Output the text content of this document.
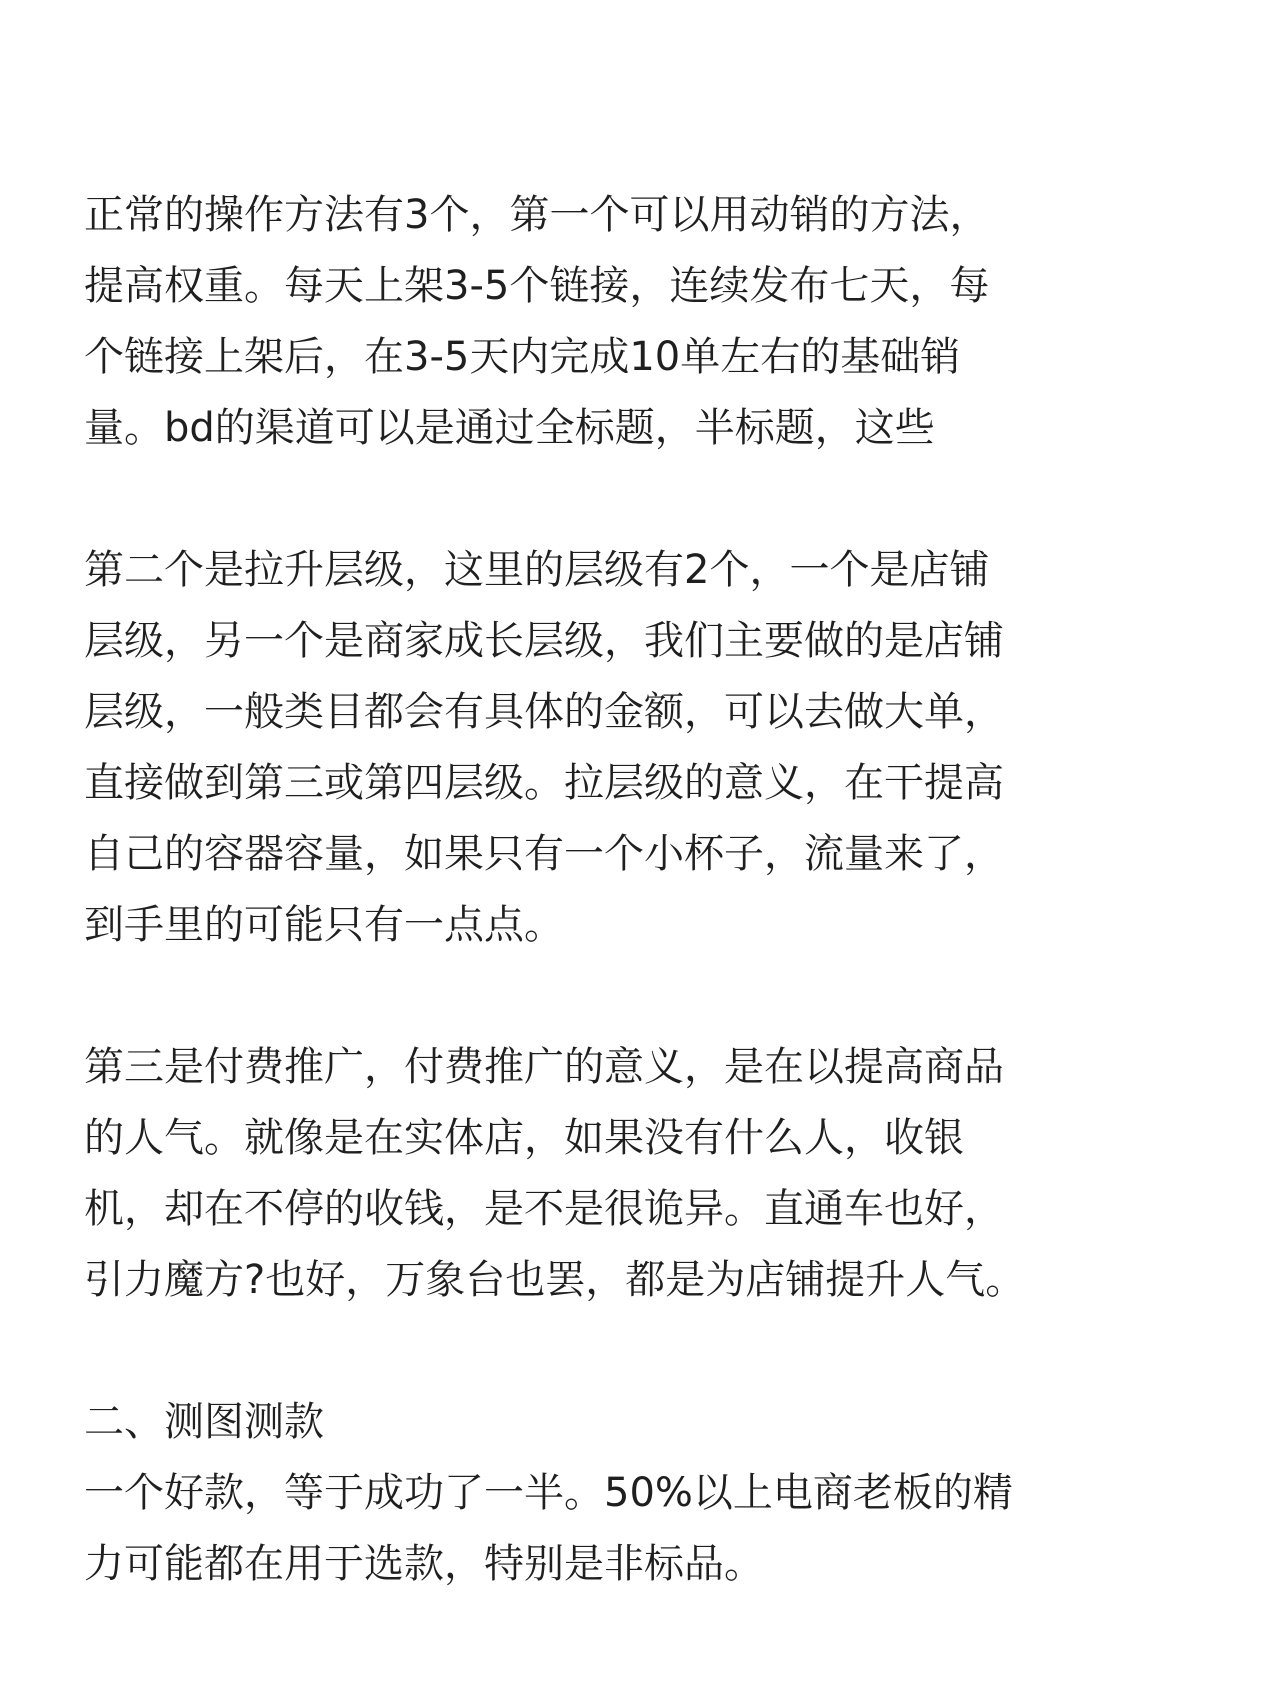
正常的操作方法有3个，第一个可以用动销的方法，
提高权重。每天上架3-5个链接，连续发布七天，每
个链接上架后，在3-5天内完成10单左右的基础销
量。bd的渠道可以是通过全标题，半标题，这些
第二个是拉升层级，这里的层级有2个，一个是店铺
层级，另一个是商家成长层级，我们主要做的是店铺
层级，一般类目都会有具体的金额，可以去做大单，
直接做到第三或第四层级。拉层级的意义，在干提高
自己的容器容量，如果只有一个小杯子，流量来了，
到手里的可能只有一点点。
第三是付费推广，付费推广的意义，是在以提高商品
的人气。就像是在实体店，如果没有什么人，收银
机，却在不停的收钱，是不是很诡异。直通车也好，
引力魔方?也好，万象台也罢，都是为店铺提升人气。
二、测图测款
一个好款，等于成功了一半。50%以上电商老板的精
力可能都在用于选款，特别是非标品。
